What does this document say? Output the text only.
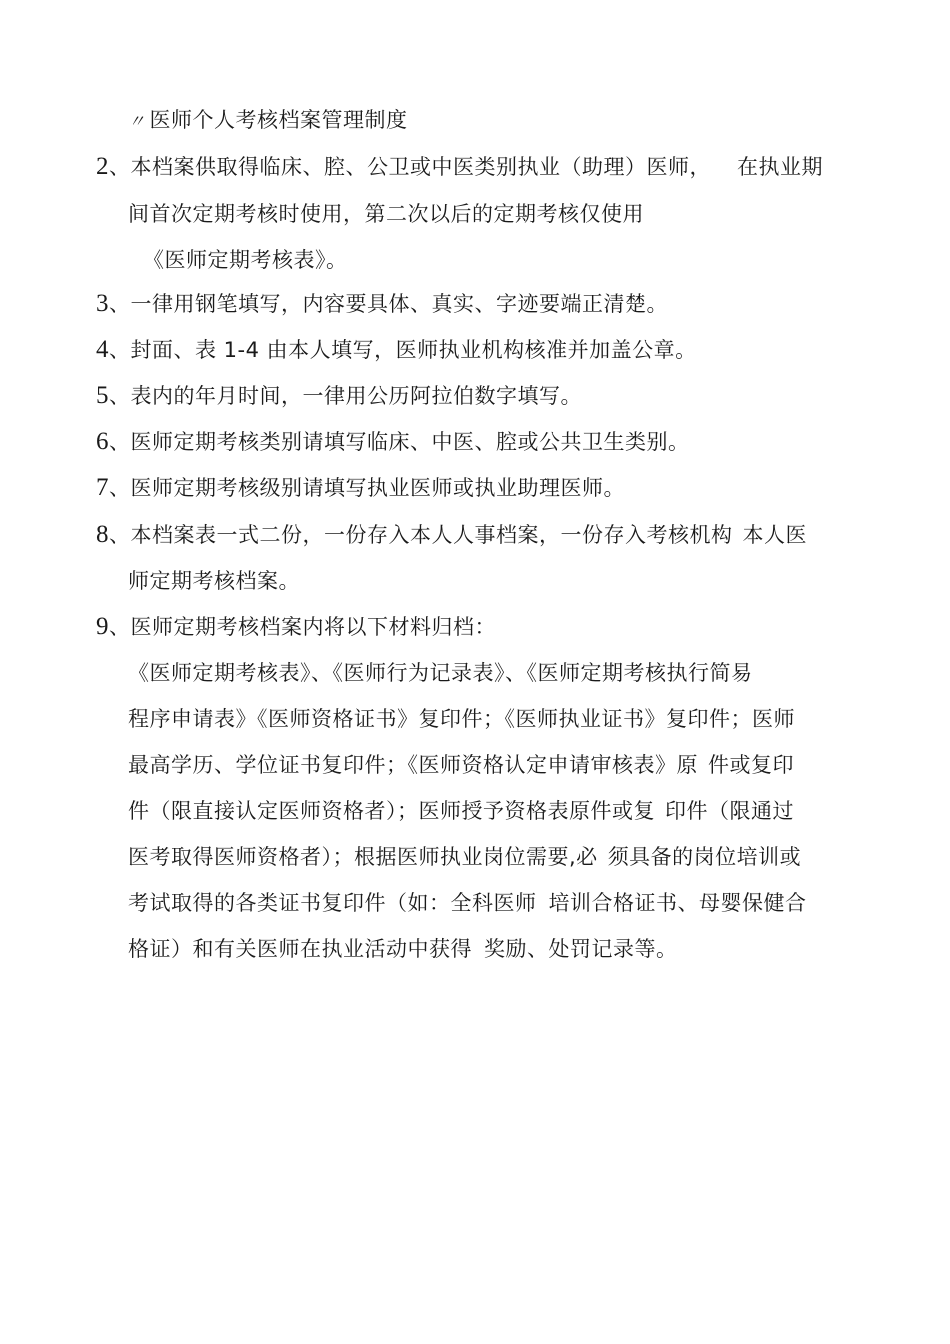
〃 医师个人考核档案管理制度
2、本档案供取得临床、腔、公卫或中医类别执业（助理）医师， 在执业期
间首次定期考核时使用，第二次以后的定期考核仅使用
《医师定期考核表》。
3、一律用钢笔填写，内容要具体、真实、字迹要端正清楚。
4、封面、表 1-4 由本人填写，医师执业机构核准并加盖公章。
5、表内的年月时间，一律用公历阿拉伯数字填写。
6、医师定期考核类别请填写临床、中医、腔或公共卫生类别。
7、医师定期考核级别请填写执业医师或执业助理医师。
8、本档案表一式二份，一份存入本人人事档案，一份存入考核机构 本人医
师定期考核档案。
9、医师定期考核档案内将以下材料归档：
《医师定期考核表》、《医师行为记录表》、《医师定期考核执行简易
程序申请表》《医师资格证书》复印件；《医师执业证书》复印件；医师
最高学历、学位证书复印件；《医师资格认定申请审核表》原 件或复印
件（限直接认定医师资格者）；医师授予资格表原件或复 印件（限通过
医考取得医师资格者）；根据医师执业岗位需要,必 须具备的岗位培训或
考试取得的各类证书复印件（如：全科医师 培训合格证书、母婴保健合
格证）和有关医师在执业活动中获得 奖励、处罚记录等。
